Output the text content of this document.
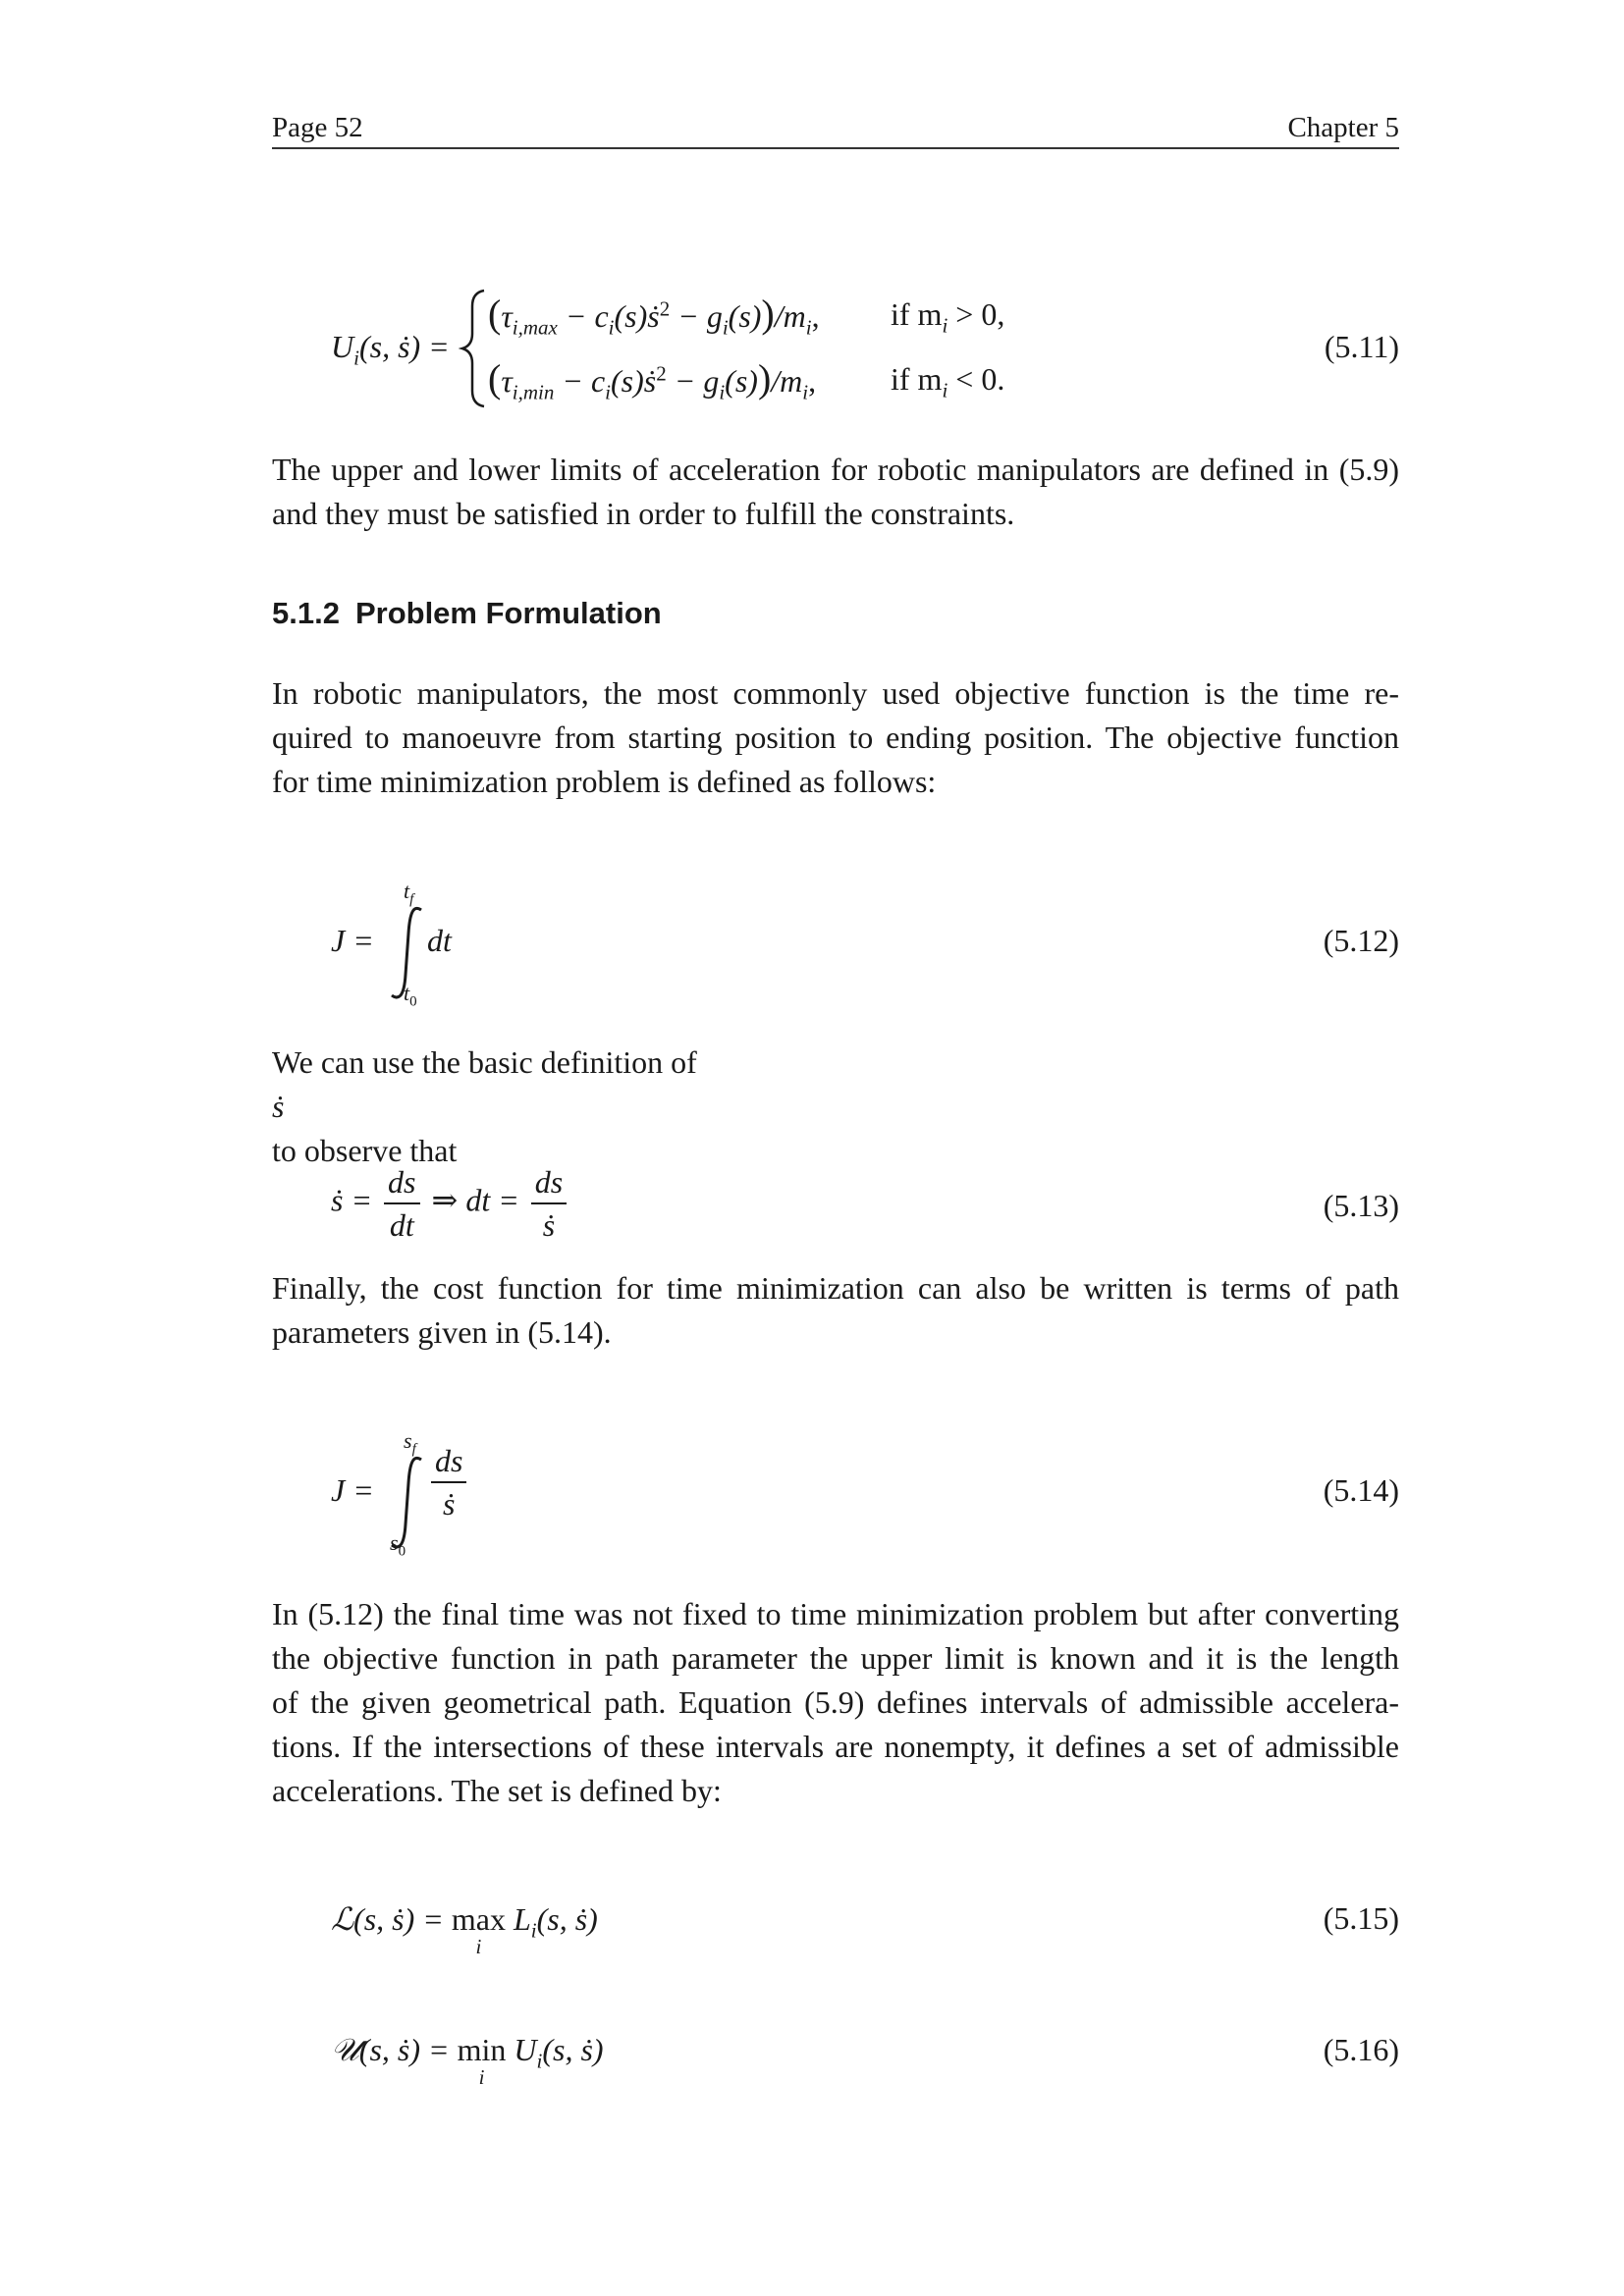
Page 52	Chapter 5
$U_i(s$, ṡ) =
($\tau_{i,max}$ − $c_i(s)ṡ^2 - g_i(s))/m_i$, if $m_i > 0$,
($\tau_{i,min}$ − $c_i(s)ṡ^2 - g_i(s))/m_i$, if $m_i < 0$.
(5.11)
The upper and lower limits of acceleration for robotic manipulators are defined in (5.9)
and they must be satisfied in order to fulfill the constraints.
5.1.2 Problem Formulation
In robotic manipulators, the most commonly used objective function is the time re-
quired to manoeuvre from starting position to ending position. The objective function
for time minimization problem is defined as follows:
J =
$t_f$
$t_0$
dt	(5.12)
We can use the basic definition of
ṡ
to observe that
ṡ = $\frac{ds}{dt}$ ⇒ dt = $\frac{ds}{\text{ṡ}}$	(5.13)
Finally, the cost function for time minimization can also be written is terms of path
parameters given in (5.14).
J =
$s_f$
$s_0$
$\frac{ds}{\text{ṡ}}$	(5.14)
In (5.12) the final time was not fixed to time minimization problem but after converting
the objective function in path parameter the upper limit is known and it is the length
of the given geometrical path. Equation (5.9) defines intervals of admissible accelera-
tions. If the intersections of these intervals are nonempty, it defines a set of admissible
accelerations. The set is defined by:
ℒ(s, ṡ) = max
i
$L_i(s$, ṡ)	(5.15)
𝒰(s, ṡ) = min
i
$U_i(s$, ṡ)	(5.16)
